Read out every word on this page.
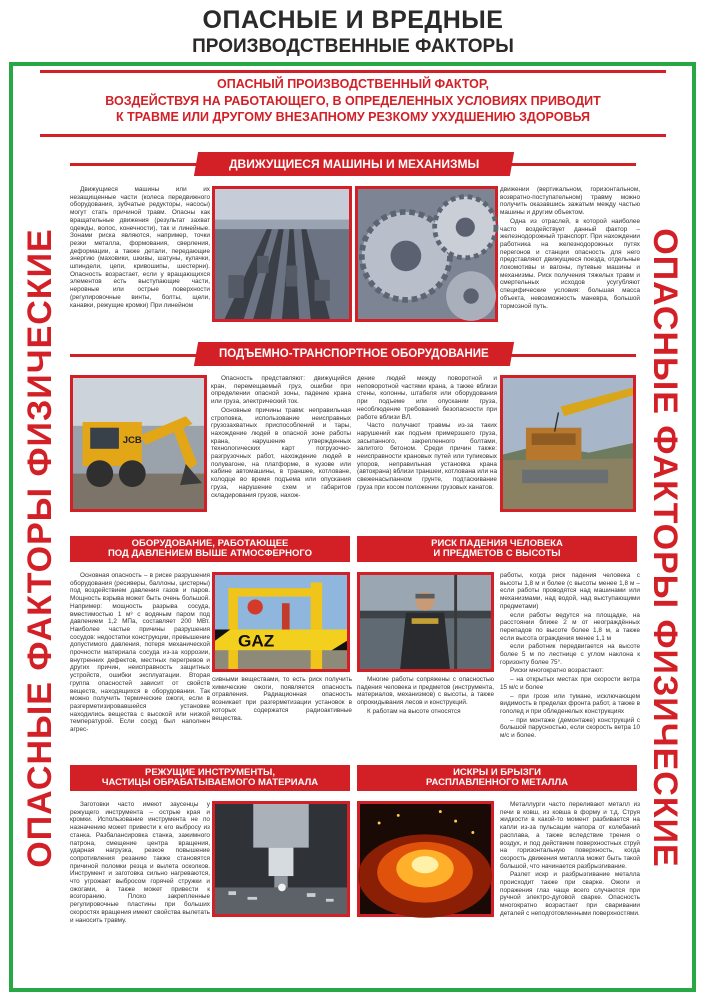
ОПАСНЫЕ И ВРЕДНЫЕ
ПРОИЗВОДСТВЕННЫЕ ФАКТОРЫ
ОПАСНЫЙ ПРОИЗВОДСТВЕННЫЙ ФАКТОР,
ВОЗДЕЙСТВУЯ НА РАБОТАЮЩЕГО, В ОПРЕДЕЛЕННЫХ УСЛОВИЯХ ПРИВОДИТ
К ТРАВМЕ ИЛИ ДРУГОМУ ВНЕЗАПНОМУ РЕЗКОМУ УХУДШЕНИЮ ЗДОРОВЬЯ
ОПАСНЫЕ ФАКТОРЫ ФИЗИЧЕСКИЕ	ОПАСНЫЕ ФАКТОРЫ ФИЗИЧЕСКИЕ
ДВИЖУЩИЕСЯ МАШИНЫ И МЕХАНИЗМЫ

Движущиеся машины или их незащищенные части (колеса передвижного оборудования, зубчатые редукторы, насосы) могут стать причиной травм. Опасны как вращательные движения (результат захват одежды, волос, конечности), так и линейные. Зонами риска являются, например, точки резки металла, формования, сверления, деформации, а также детали, передающие энергию (маховики, шкивы, шатуны, кулачки, шпиндели, цепи, кривошипы, шестерни). Опасность возрастает, если у вращающихся элементов есть выступающие части, неровные или острые поверхности (регулировочные винты, болты, щели, канавки, режущие кромки) При линейном

движении (вертикальном, горизонтальном, возвратно-поступательном) травму можно получить оказавшись зажатым между частью машины и другим объектом.

Одна из отраслей, в которой наиболее часто воздействует данный фактор – железнодорожный транспорт. При нахождении работника на железнодорожных путях перегонов и станции опасность для него представляют движущиеся поезда, отдельные локомотивы и вагоны, путевые машины и механизмы. Риск получения тяжелых травм и смертельных исходов усугубляют специфические условия: большая масса объекта, невозможность маневра, большой тормозной путь.

ПОДЪЕМНО-ТРАНСПОРТНОЕ ОБОРУДОВАНИЕ
JCB

Опасность представляют: движущийся кран, перемещаемый груз, ошибки при определении опасной зоны, падение крана или груза, электрический ток.

Основные причины травм: неправильная строповка, использование неисправных грузозахватных приспособлений и тары, нахождение людей в опасной зоне работы крана, нарушение утвержденных технологических карт погрузочно-разгрузочных работ, нахождение людей в полувагоне, на платформе, в кузове или кабине автомашины, в траншее, котловане, колодце во время подъема или опускания груза, нарушение схем и габаритов складирования грузов, нахож-

дение людей между поворотной и неповоротной частями крана, а также вблизи стены, колонны, штабеля или оборудования при подъеме или опускании груза, несоблюдение требований безопасности при работе вблизи ВЛ.

Часто получают травмы из-за таких нарушений как подъем примерзшего груза, засыпанного, закрепленного болтами, залитого бетоном. Среди причин также: неисправности крановых путей или тупиковых упоров, неправильная установка крана (автокрана) вблизи траншеи, котлована или на свеженасыпанном грунте, подтаскивание груза при косом положении грузовых канатов.

ОБОРУДОВАНИЕ, РАБОТАЮЩЕЕ
ПОД ДАВЛЕНИЕМ ВЫШЕ АТМОСФЕРНОГО
РИСК ПАДЕНИЯ ЧЕЛОВЕКА
И ПРЕДМЕТОВ С ВЫСОТЫ

Основная опасность – в риске разрушения оборудования (ресиверы, баллоны, цистерны) под воздействием давления газов и паров. Мощность взрыва может быть очень большой. Например: мощность разрыва сосуда, вместимостью 1 м³ с водяным паром под давлением 1,2 МПа, составляет 200 МВт. Наиболее частые причины разрушения сосудов: недостатки конструкции, превышение допустимого давления, потеря механической прочности материала сосуда из-за коррозии, внутренних дефектов, местных перегревов и других причин, неисправность защитных устройств, ошибки эксплуатации. Вторая группа опасностей зависит от свойств веществ, находящихся в оборудовании. Так можно получить термические ожоги, если в разгерметизировавшейся установке находились вещества с высокой или низкой температурой. Если сосуд был наполнен агрес-

GAZ

сивными веществами, то есть риск получить химические ожоги, появляется опасность отравления. Радиационная опасность возникает при разгерметизации установок в которых содержатся радиоактивные вещества.

Многие работы сопряжены с опасностью падения человека и предметов (инструмента, материалов, механизмов) с высоты, а также опрокидывания лесов и конструкций.

К работам на высоте относятся

работы, когда риск падения человека с высоты 1,8 м и более (с высоты менее 1,8 м – если работы проводятся над машинами или механизмами, над водой, над выступающими предметами)

если работы ведутся на площадке, на расстоянии ближе 2 м от неограждённых перепадов по высоте более 1,8 м, а также если высота ограждения менее 1,1 м

если работник передвигается на высоте более 5 м по лестнице с углом наклона к горизонту более 75°.

Риски многократно возрастают:

– на открытых местах при скорости ветра 15 м/с и более

– при грозе или тумане, исключающем видимость в пределах фронта работ, а также в гололед и при обледенелых конструкциях

– при монтаже (демонтаже) конструкций с большой парусностью, если скорость ветра 10 м/с и более.

РЕЖУЩИЕ ИНСТРУМЕНТЫ,
ЧАСТИЦЫ ОБРАБАТЫВАЕМОГО МАТЕРИАЛА
ИСКРЫ И БРЫЗГИ
РАСПЛАВЛЕННОГО МЕТАЛЛА

Заготовки часто имеют заусенцы у режущего инструмента – острые края и кромки. Использование инструмента не по назначению может привести к его выбросу из станка. Разбалансировка станка, зажимного патрона, смещение центра вращения, ударная нагрузка, резкое повышение сопротивления резанию также становятся причиной поломки резца и вылета осколков. Инструмент и заготовка сильно нагреваются, что угрожает выбросом горячей стружки и ожогами, а также может привести к возгоранию. Плохо закрепленные регулировочные пластины при больших скоростях вращения имеют свойства вылетать и наносить травму.

Металлурги часто переливают металл из печи в ковш, из ковша в форму и т.д. Струя жидкости в какой-то момент разбивается на капли из-за пульсации напора от колебаний расплава, а также вследствие трения о воздух, и под действием поверхностных струй на горизонтальную поверхность, когда скорость движения металла может быть такой большой, что начинается разбрызгивание.

Разлет искр и разбрызгивание металла происходит также при сварке. Ожоги и поражения глаз чаще всего случаются при ручной электро-дуговой сварке. Опасность многократно возрастает при сваривании деталей с неподготовленными поверхностями.
